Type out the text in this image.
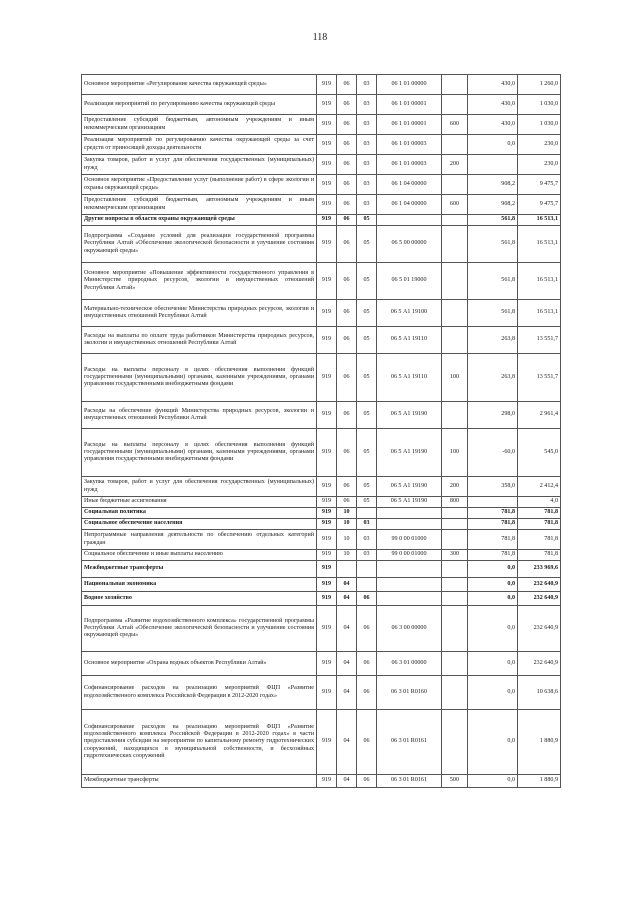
118
Основное мероприятие «Регулирование качества окружающей среды»	919	06	03	06 1 01 00000		430,0	1 260,0
Реализация мероприятий по регулированию качества окружающей среды	919	06	03	06 1 01 00001		430,0	1 030,0
Предоставление субсидий бюджетным, автономным учреждениям и иным некоммерческим организациям	919	06	03	06 1 01 00001	600	430,0	1 030,0
Реализация мероприятий по регулированию качества окружающей среды за счет средств от приносящей доходы деятельности	919	06	03	06 1 01 00003		0,0	230,0
Закупка товаров, работ и услуг для обеспечения государственных (муниципальных) нужд	919	06	03	06 1 01 00003	200		230,0
Основное мероприятие «Предоставление услуг (выполнение работ) в сфере экологии и охраны окружающей среды»	919	06	03	06 1 04 00000		908,2	9 475,7
Предоставление субсидий бюджетным, автономным учреждениям и иным некоммерческим организациям	919	06	03	06 1 04 00000	600	908,2	9 475,7
Другие вопросы в области охраны окружающей среды	919	06	05			561,8	16 513,1
Подпрограмма «Создание условий для реализации государственной программы Республики Алтай «Обеспечение экологической безопасности и улучшение состояния окружающей среды»	919	06	05	06 5 00 00000		561,8	16 513,1
Основное мероприятие «Повышение эффективности государственного управления в Министерстве природных ресурсов, экологии и имущественных отношений Республики Алтай»	919	06	05	06 5 01 19000		561,8	16 513,1
Материально-техническое обеспечение Министерства природных ресурсов, экологии и имущественных отношений Республики Алтай	919	06	05	06 5 А1 19100		561,8	16 513,1
Расходы на выплаты по оплате труда работников Министерства природных ресурсов, экологии и имущественных отношений Республики Алтай	919	06	05	06 5 А1 19110		263,8	13 551,7
Расходы на выплаты персоналу в целях обеспечения выполнения функций государственными (муниципальными) органами, казенными учреждениями, органами управления государственными внебюджетными фондами	919	06	05	06 5 А1 19110	100	263,8	13 551,7
Расходы на обеспечение функций Министерства природных ресурсов, экологии и имущественных отношений Республики Алтай	919	06	05	06 5 А1 19190		298,0	2 961,4
Расходы на выплаты персоналу в целях обеспечения выполнения функций государственными (муниципальными) органами, казенными учреждениями, органами управления государственными внебюджетными фондами	919	06	05	06 5 А1 19190	100	-60,0	545,0
Закупка товаров, работ и услуг для обеспечения государственных (муниципальных) нужд	919	06	05	06 5 А1 19190	200	358,0	2 412,4
Иные бюджетные ассигнования	919	06	05	06 5 А1 19190	800		4,0
Социальная политика	919	10				781,8	781,8
Социальное обеспечение населения	919	10	03			781,8	781,8
Непрограммные направления деятельности по обеспечению отдельных категорий граждан	919	10	03	99 0 00 01000		781,8	781,8
Социальное обеспечение и иные выплаты населению	919	10	03	99 0 00 01000	300	781,8	781,8
Межбюджетные трансферты	919					0,0	233 969,6
Национальная экономика	919	04				0,0	232 640,9
Водное хозяйство	919	04	06			0,0	232 640,9
Подпрограмма «Развитие водохозяйственного комплекса» государственной программы Республики Алтай «Обеспечение экологической безопасности и улучшение состояния окружающей среды»	919	04	06	06 3 00 00000		0,0	232 640,9
Основное мероприятие «Охрана водных объектов Республики Алтай»	919	04	06	06 3 01 00000		0,0	232 640,9
Софинансирование расходов на реализацию мероприятий ФЦП «Развитие водохозяйственного комплекса Российской Федерации в 2012-2020 годах»	919	04	06	06 3 01 R0160		0,0	10 638,6
Софинансирование расходов на реализацию мероприятий ФЦП «Развитие водохозяйственного комплекса Российской Федерации в 2012-2020 годах» в части предоставления субсидии на мероприятия по капитальному ремонту гидротехнических сооружений, находящихся в муниципальной собственности, и бесхозяйных гидротехнических сооружений	919	04	06	06 3 01 R0161		0,0	1 880,9
Межбюджетные трансферты	919	04	06	06 3 01 R0161	500	0,0	1 880,9
